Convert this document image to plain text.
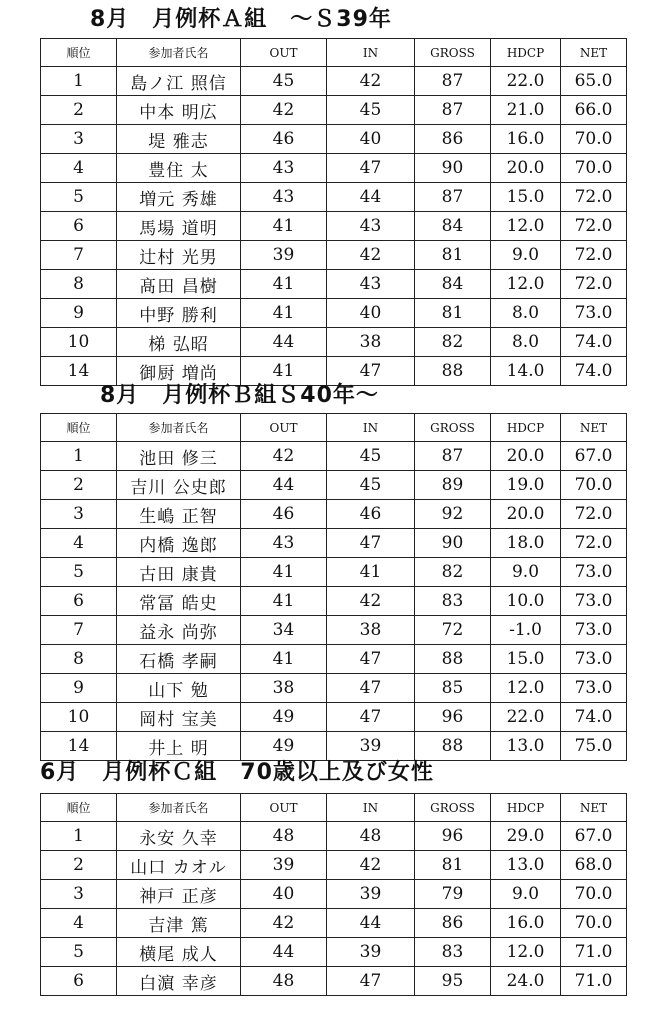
8月　月例杯Ａ組　～Ｓ39年
順位	参加者氏名	OUT	IN	GROSS	HDCP	NET
1	島ノ江 照信	45	42	87	22.0	65.0
2	中本 明広	42	45	87	21.0	66.0
3	堤 雅志	46	40	86	16.0	70.0
4	豊住 太	43	47	90	20.0	70.0
5	増元 秀雄	43	44	87	15.0	72.0
6	馬場 道明	41	43	84	12.0	72.0
7	辻村 光男	39	42	81	9.0	72.0
8	髙田 昌樹	41	43	84	12.0	72.0
9	中野 勝利	41	40	81	8.0	73.0
10	梯 弘昭	44	38	82	8.0	74.0
14	御厨 増尚	41	47	88	14.0	74.0
8月　月例杯Ｂ組Ｓ40年～
順位	参加者氏名	OUT	IN	GROSS	HDCP	NET
1	池田 修三	42	45	87	20.0	67.0
2	吉川 公史郎	44	45	89	19.0	70.0
3	生嶋 正智	46	46	92	20.0	72.0
4	内橋 逸郎	43	47	90	18.0	72.0
5	古田 康貴	41	41	82	9.0	73.0
6	常冨 皓史	41	42	83	10.0	73.0
7	益永 尚弥	34	38	72	-1.0	73.0
8	石橋 孝嗣	41	47	88	15.0	73.0
9	山下 勉	38	47	85	12.0	73.0
10	岡村 宝美	49	47	96	22.0	74.0
14	井上 明	49	39	88	13.0	75.0
6月　月例杯Ｃ組　70歳以上及び女性
順位	参加者氏名	OUT	IN	GROSS	HDCP	NET
1	永安 久幸	48	48	96	29.0	67.0
2	山口 カオル	39	42	81	13.0	68.0
3	神戸 正彦	40	39	79	9.0	70.0
4	吉津 篤	42	44	86	16.0	70.0
5	横尾 成人	44	39	83	12.0	71.0
6	白濵 幸彦	48	47	95	24.0	71.0
